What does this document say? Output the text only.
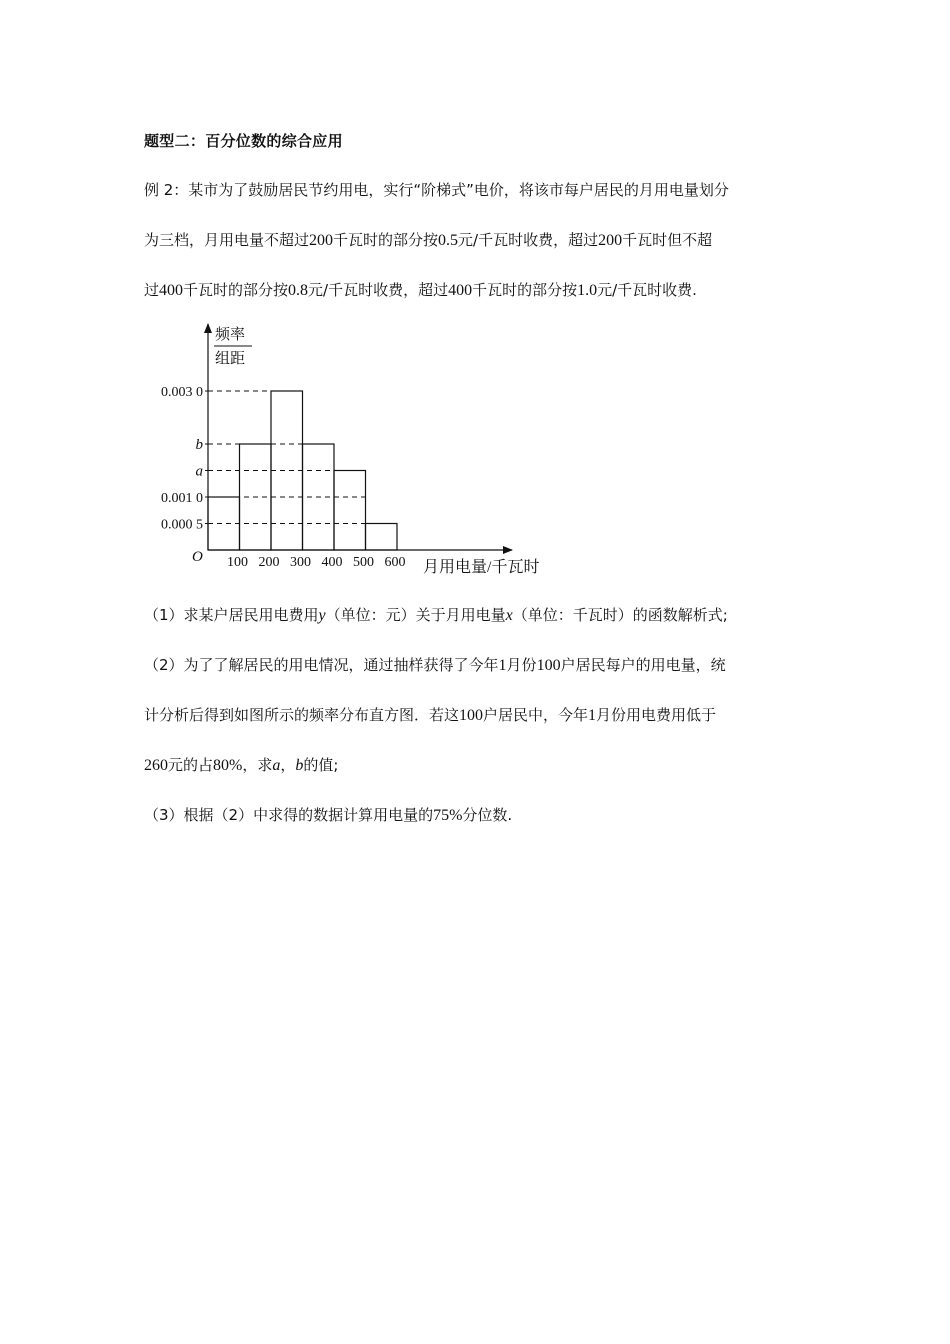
题型二：百分位数的综合应用
例 2：某市为了鼓励居民节约用电，实行“阶梯式”电价，将该市每户居民的月用电量划分
为三档，月用电量不超过200千瓦时的部分按0.5元/千瓦时收费，超过200千瓦时但不超
过400千瓦时的部分按0.8元/千瓦时收费，超过400千瓦时的部分按1.0元/千瓦时收费.
0.003 0
b
a
0.001 0
0.000 5
100 200 300 400 500 600
频率
组距
O
月用电量/千瓦时
（1）求某户居民用电费用y（单位：元）关于月用电量x（单位：千瓦时）的函数解析式;
（2）为了了解居民的用电情况，通过抽样获得了今年1月份100户居民每户的用电量，统
计分析后得到如图所示的频率分布直方图．若这100户居民中，今年1月份用电费用低于
260元的占80%，求a，b的值;
（3）根据（2）中求得的数据计算用电量的75%分位数.
